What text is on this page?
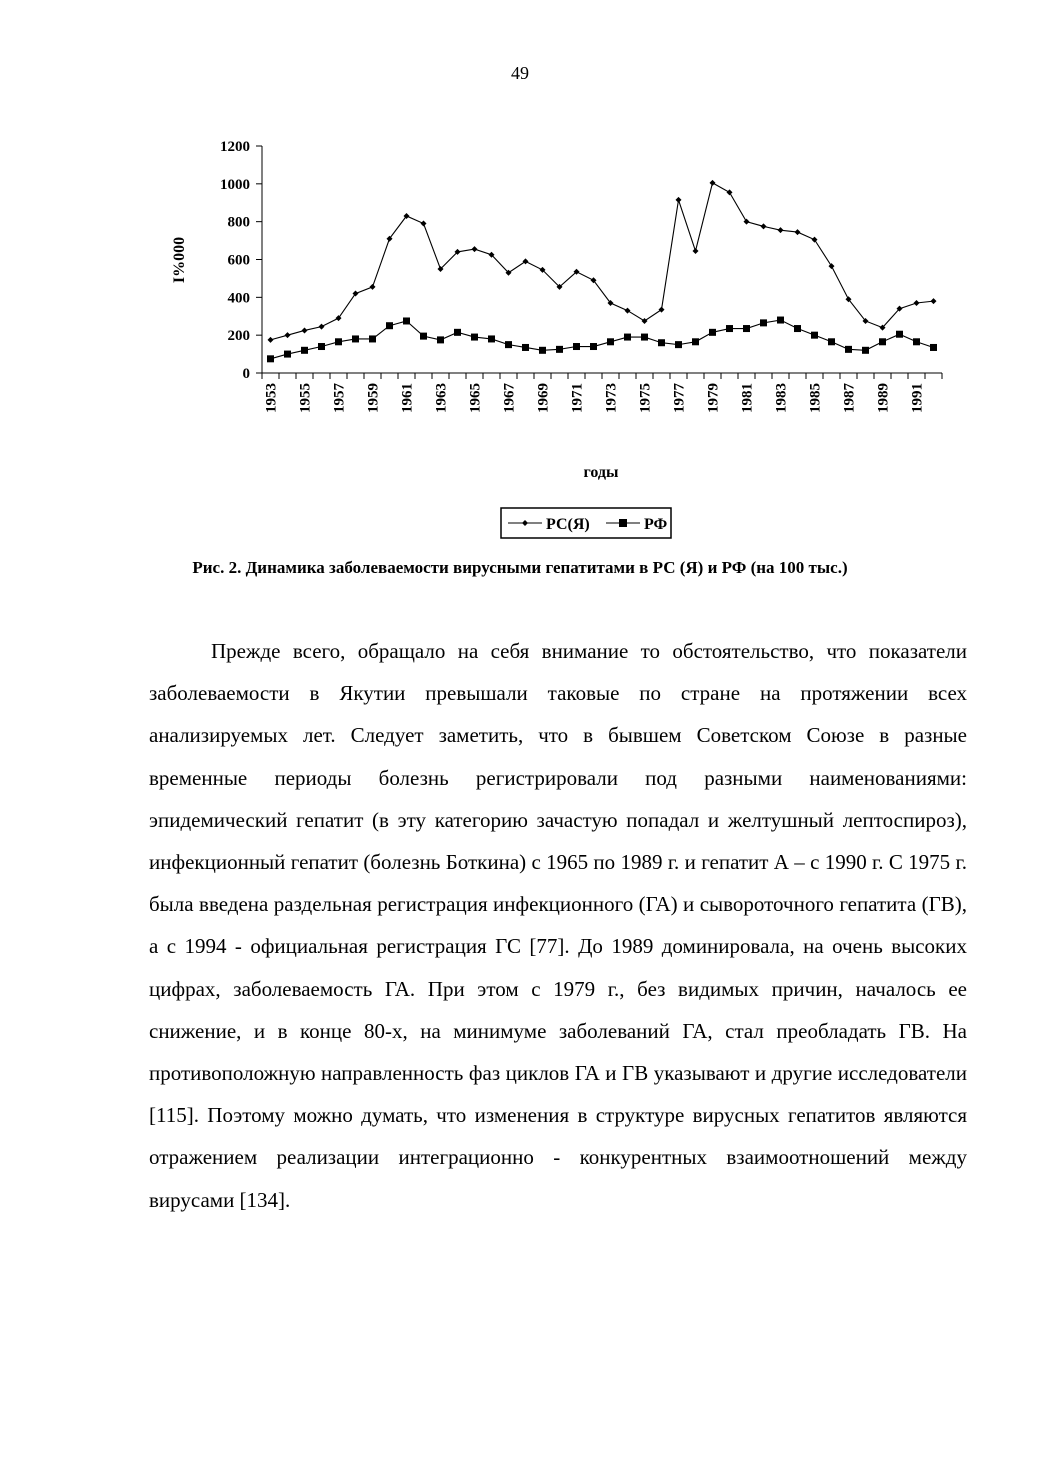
49
0
200
400
600
800
1000
1200
1953 1955 1957 1959 1961 1963 1965 1967 1969 1971 1973 1975 1977 1979 1981 1983 1985 1987 1989 1991
I%000
годы
РС(Я)	РФ
Рис. 2. Динамика заболеваемости вирусными гепатитами в РС (Я) и РФ (на 100 тыс.)

Прежде всего, обращало на себя внимание то обстоятельство, что показатели заболеваемости в Якутии превышали таковые по стране на протяжении всех анализируемых лет. Следует заметить, что в бывшем Советском Союзе в разные временные периоды болезнь регистрировали под разными наименованиями: эпидемический гепатит (в эту категорию зачастую попадал и желтушный лептоспироз), инфекционный гепатит (болезнь Боткина) с 1965 по 1989 г. и гепатит А – с 1990 г. С 1975 г. была введена раздельная регистрация инфекционного (ГА) и сывороточного гепатита (ГВ), а с 1994 - официальная регистрация ГС [77]. До 1989 доминировала, на очень высоких цифрах, заболеваемость ГА. При этом с 1979 г., без видимых причин, началось ее снижение, и в конце 80-х, на минимуме заболеваний ГА, стал преобладать ГВ. На противоположную направленность фаз циклов ГА и ГВ указывают и другие исследователи [115]. Поэтому можно думать, что изменения в структуре вирусных гепатитов являются отражением реализации интеграционно - конкурентных взаимоотношений между вирусами [134].
